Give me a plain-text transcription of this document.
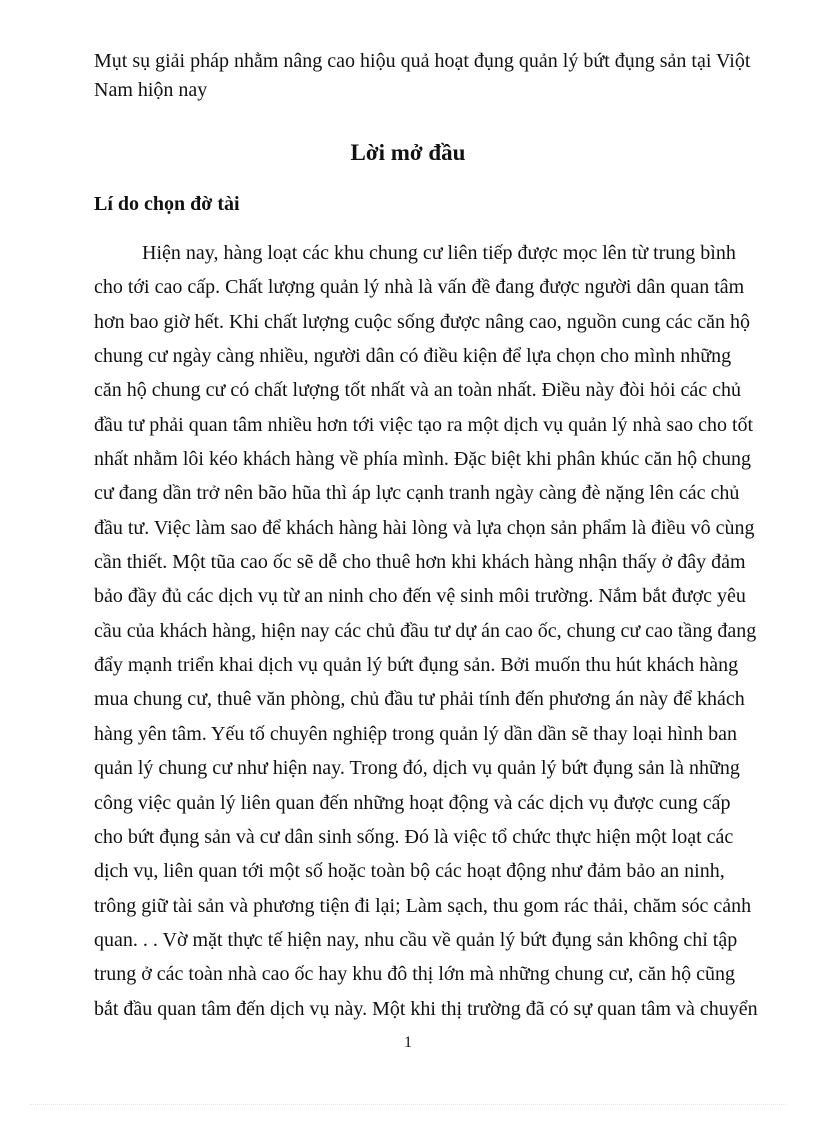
Mụt sụ giải pháp nhằm nâng cao hiộu quả hoạt đụng quản lý bứt đụng sản tại Viột
Nam hiộn nay

Lời mở đầu
Lí do chọn đờ tài
Hiện nay, hàng loạt các khu chung cư liên tiếp được mọc lên từ trung bình
cho tới cao cấp. Chất lượng quản lý nhà là vấn đề đang được người dân quan tâm
hơn bao giờ hết. Khi chất lượng cuộc sống được nâng cao, nguồn cung các căn hộ
chung cư ngày càng nhiều, người dân có điều kiện để lựa chọn cho mình những
căn hộ chung cư có chất lượng tốt nhất và an toàn nhất. Điều này đòi hỏi các chủ
đầu tư phải quan tâm nhiều hơn tới việc tạo ra một dịch vụ quản lý nhà sao cho tốt
nhất nhằm lôi kéo khách hàng về phía mình. Đặc biệt khi phân khúc căn hộ chung
cư đang dần trở nên bão hũa thì áp lực cạnh tranh ngày càng đè nặng lên các chủ
đầu tư. Việc làm sao để khách hàng hài lòng và lựa chọn sản phẩm là điều vô cùng
cần thiết. Một tũa cao ốc sẽ dễ cho thuê hơn khi khách hàng nhận thấy ở đây đảm
bảo đầy đủ các dịch vụ từ an ninh cho đến vệ sinh môi trường. Nắm bắt được yêu
cầu của khách hàng, hiện nay các chủ đầu tư dự án cao ốc, chung cư cao tầng đang
đẩy mạnh triển khai dịch vụ quản lý bứt đụng sản. Bởi muốn thu hút khách hàng
mua chung cư, thuê văn phòng, chủ đầu tư phải tính đến phương án này để khách
hàng yên tâm. Yếu tố chuyên nghiệp trong quản lý dần dần sẽ thay loại hình ban
quản lý chung cư như hiện nay. Trong đó, dịch vụ quản lý bứt đụng sản là những
công việc quản lý liên quan đến những hoạt động và các dịch vụ được cung cấp
cho bứt đụng sản và cư dân sinh sống. Đó là việc tổ chức thực hiện một loạt các
dịch vụ, liên quan tới một số hoặc toàn bộ các hoạt động như đảm bảo an ninh,
trông giữ tài sản và phương tiện đi lại; Làm sạch, thu gom rác thải, chăm sóc cảnh
quan. . . Vờ mặt thực tế hiện nay, nhu cầu về quản lý bứt đụng sản không chỉ tập
trung ở các toàn nhà cao ốc hay khu đô thị lớn mà những chung cư, căn hộ cũng
bắt đầu quan tâm đến dịch vụ này. Một khi thị trường đã có sự quan tâm và chuyển
1
